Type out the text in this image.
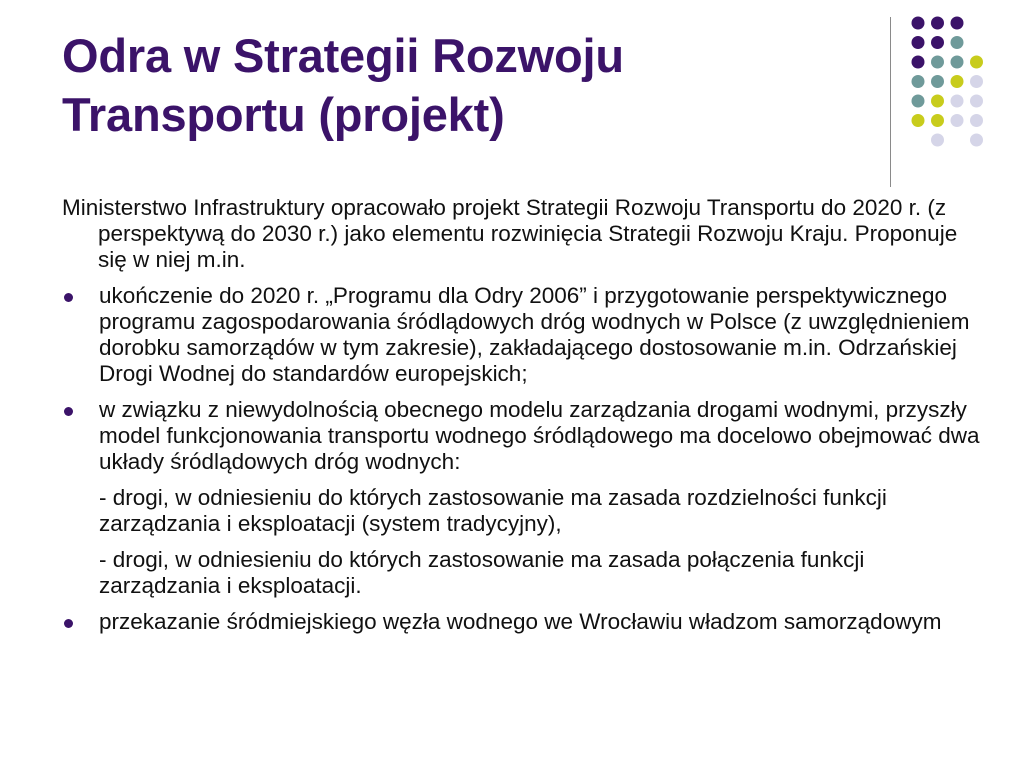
Odra w Strategii Rozwoju
Transportu (projekt)

Ministerstwo Infrastruktury opracowało projekt Strategii Rozwoju Transportu do 2020 r. (z perspektywą do 2030 r.) jako elementu rozwinięcia Strategii Rozwoju Kraju. Proponuje się w niej m.in.

ukończenie do 2020 r. „Programu dla Odry 2006” i przygotowanie perspektywicznego programu zagospodarowania śródlądowych dróg wodnych w Polsce (z uwzględnieniem dorobku samorządów w tym zakresie), zakładającego dostosowanie m.in. Odrzańskiej Drogi Wodnej do standardów europejskich;
w związku z niewydolnością obecnego modelu zarządzania drogami wodnymi, przyszły model funkcjonowania transportu wodnego śródlądowego ma docelowo obejmować dwa układy śródlądowych dróg wodnych:

- drogi, w odniesieniu do których zastosowanie ma zasada rozdzielności funkcji zarządzania i eksploatacji (system tradycyjny),

- drogi, w odniesieniu do których zastosowanie ma zasada połączenia funkcji zarządzania i eksploatacji.

przekazanie śródmiejskiego węzła wodnego we Wrocławiu władzom samorządowym
